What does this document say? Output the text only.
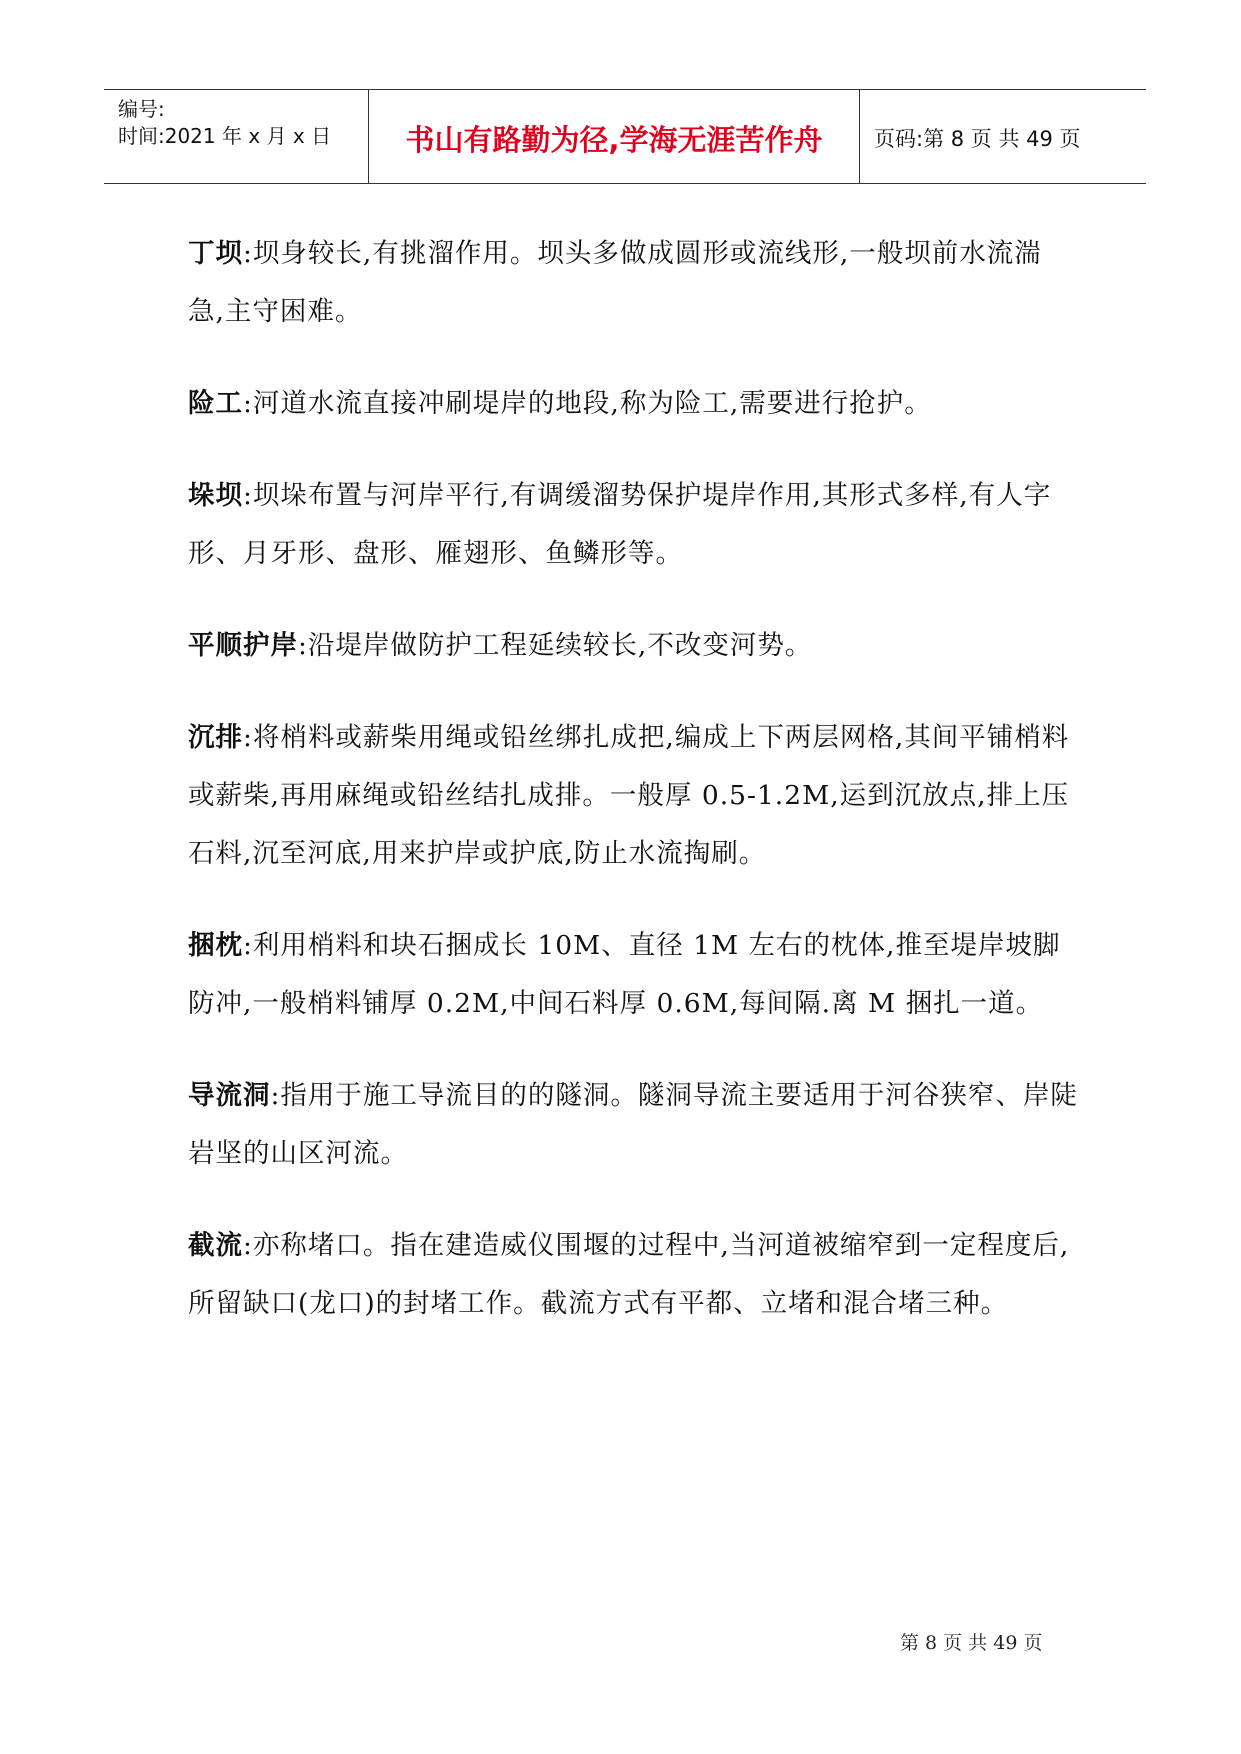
编号:
时间:2021 年 x 月 x 日	书山有路勤为径,学海无涯苦作舟	页码:第 8 页 共 49 页

丁坝:坝身较长,有挑溜作用。坝头多做成圆形或流线形,一般坝前水流湍急,主守困难。

险工:河道水流直接冲刷堤岸的地段,称为险工,需要进行抢护。

垛坝:坝垛布置与河岸平行,有调缓溜势保护堤岸作用,其形式多样,有人字形、月牙形、盘形、雁翅形、鱼鳞形等。

平顺护岸:沿堤岸做防护工程延续较长,不改变河势。

沉排:将梢料或薪柴用绳或铅丝绑扎成把,编成上下两层网格,其间平铺梢料或薪柴,再用麻绳或铅丝结扎成排。一般厚 0.5-1.2M,运到沉放点,排上压石料,沉至河底,用来护岸或护底,防止水流掏刷。

捆枕:利用梢料和块石捆成长 10M、直径 1M 左右的枕体,推至堤岸坡脚防冲,一般梢料铺厚 0.2M,中间石料厚 0.6M,每间隔.离 M 捆扎一道。

导流洞:指用于施工导流目的的隧洞。隧洞导流主要适用于河谷狭窄、岸陡岩坚的山区河流。

截流:亦称堵口。指在建造威仪围堰的过程中,当河道被缩窄到一定程度后,所留缺口(龙口)的封堵工作。截流方式有平都、立堵和混合堵三种。

第 8 页 共 49 页
